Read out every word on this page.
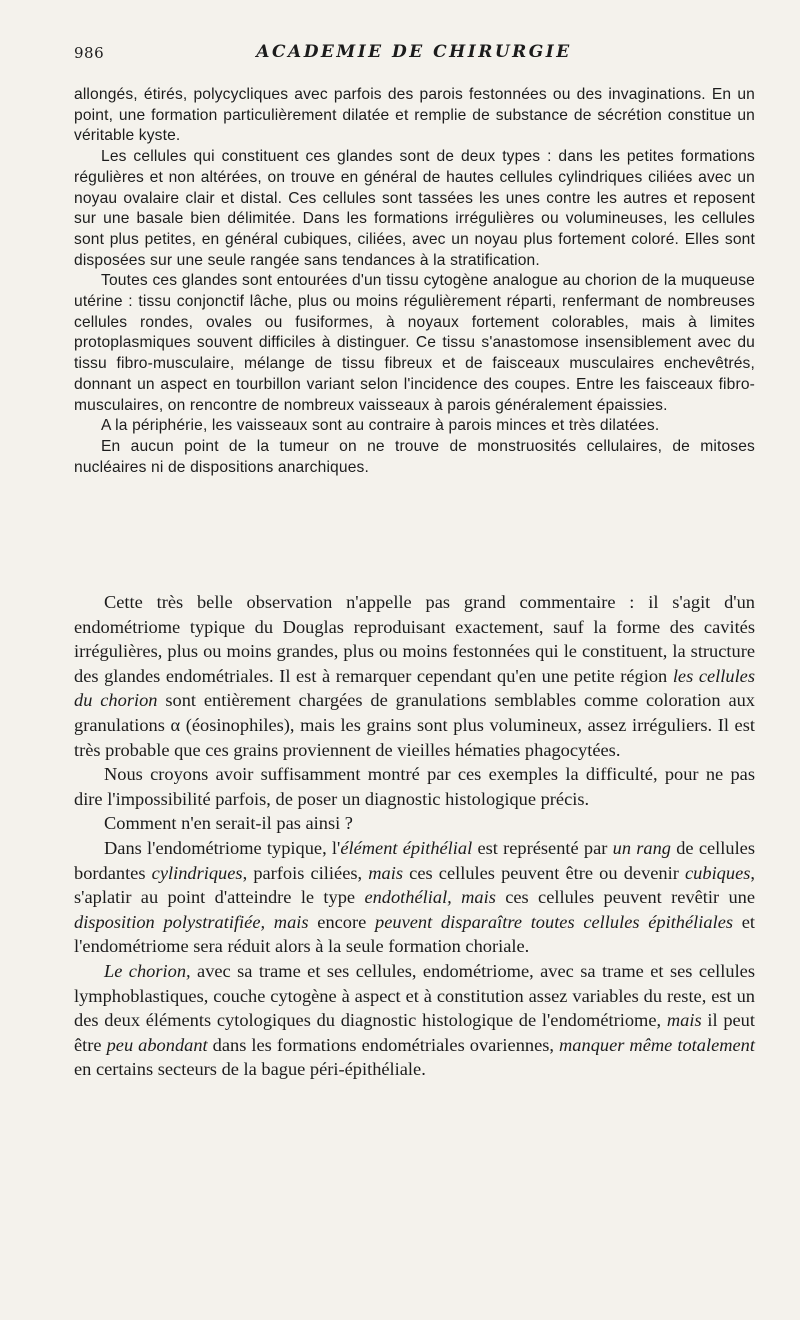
986	ACADEMIE DE CHIRURGIE

allongés, étirés, polycycliques avec parfois des parois festonnées ou des invaginations. En un point, une formation particulièrement dilatée et remplie de substance de sécrétion constitue un véritable kyste.

Les cellules qui constituent ces glandes sont de deux types : dans les petites formations régulières et non altérées, on trouve en général de hautes cellules cylindriques ciliées avec un noyau ovalaire clair et distal. Ces cellules sont tassées les unes contre les autres et reposent sur une basale bien délimitée. Dans les formations irrégulières ou volumineuses, les cellules sont plus petites, en général cubiques, ciliées, avec un noyau plus fortement coloré. Elles sont disposées sur une seule rangée sans tendances à la stratification.

Toutes ces glandes sont entourées d'un tissu cytogène analogue au chorion de la muqueuse utérine : tissu conjonctif lâche, plus ou moins régulièrement réparti, renfermant de nombreuses cellules rondes, ovales ou fusiformes, à noyaux fortement colorables, mais à limites protoplasmiques souvent difficiles à distinguer. Ce tissu s'anastomose insensiblement avec du tissu fibro-musculaire, mélange de tissu fibreux et de faisceaux musculaires enchevêtrés, donnant un aspect en tourbillon variant selon l'incidence des coupes. Entre les faisceaux fibro-musculaires, on rencontre de nombreux vaisseaux à parois généralement épaissies.

A la périphérie, les vaisseaux sont au contraire à parois minces et très dilatées.

En aucun point de la tumeur on ne trouve de monstruosités cellulaires, de mitoses nucléaires ni de dispositions anarchiques.

Cette très belle observation n'appelle pas grand commentaire : il s'agit d'un endométriome typique du Douglas reproduisant exactement, sauf la forme des cavités irrégulières, plus ou moins grandes, plus ou moins festonnées qui le constituent, la structure des glandes endométriales. Il est à remarquer cependant qu'en une petite région les cellules du chorion sont entièrement chargées de granulations semblables comme coloration aux granulations α (éosinophiles), mais les grains sont plus volumineux, assez irréguliers. Il est très probable que ces grains proviennent de vieilles hématies phagocytées.

Nous croyons avoir suffisamment montré par ces exemples la difficulté, pour ne pas dire l'impossibilité parfois, de poser un diagnostic histologique précis.

Comment n'en serait-il pas ainsi ?

Dans l'endométriome typique, l'élément épithélial est représenté par un rang de cellules bordantes cylindriques, parfois ciliées, mais ces cellules peuvent être ou devenir cubiques, s'aplatir au point d'atteindre le type endothélial, mais ces cellules peuvent revêtir une disposition polystratifiée, mais encore peuvent disparaître toutes cellules épithéliales et l'endométriome sera réduit alors à la seule formation choriale.

Le chorion, avec sa trame et ses cellules, endométriome, avec sa trame et ses cellules lymphoblastiques, couche cytogène à aspect et à constitution assez variables du reste, est un des deux éléments cytologiques du diagnostic histologique de l'endométriome, mais il peut être peu abondant dans les formations endométriales ovariennes, manquer même totalement en certains secteurs de la bague péri-épithéliale.
